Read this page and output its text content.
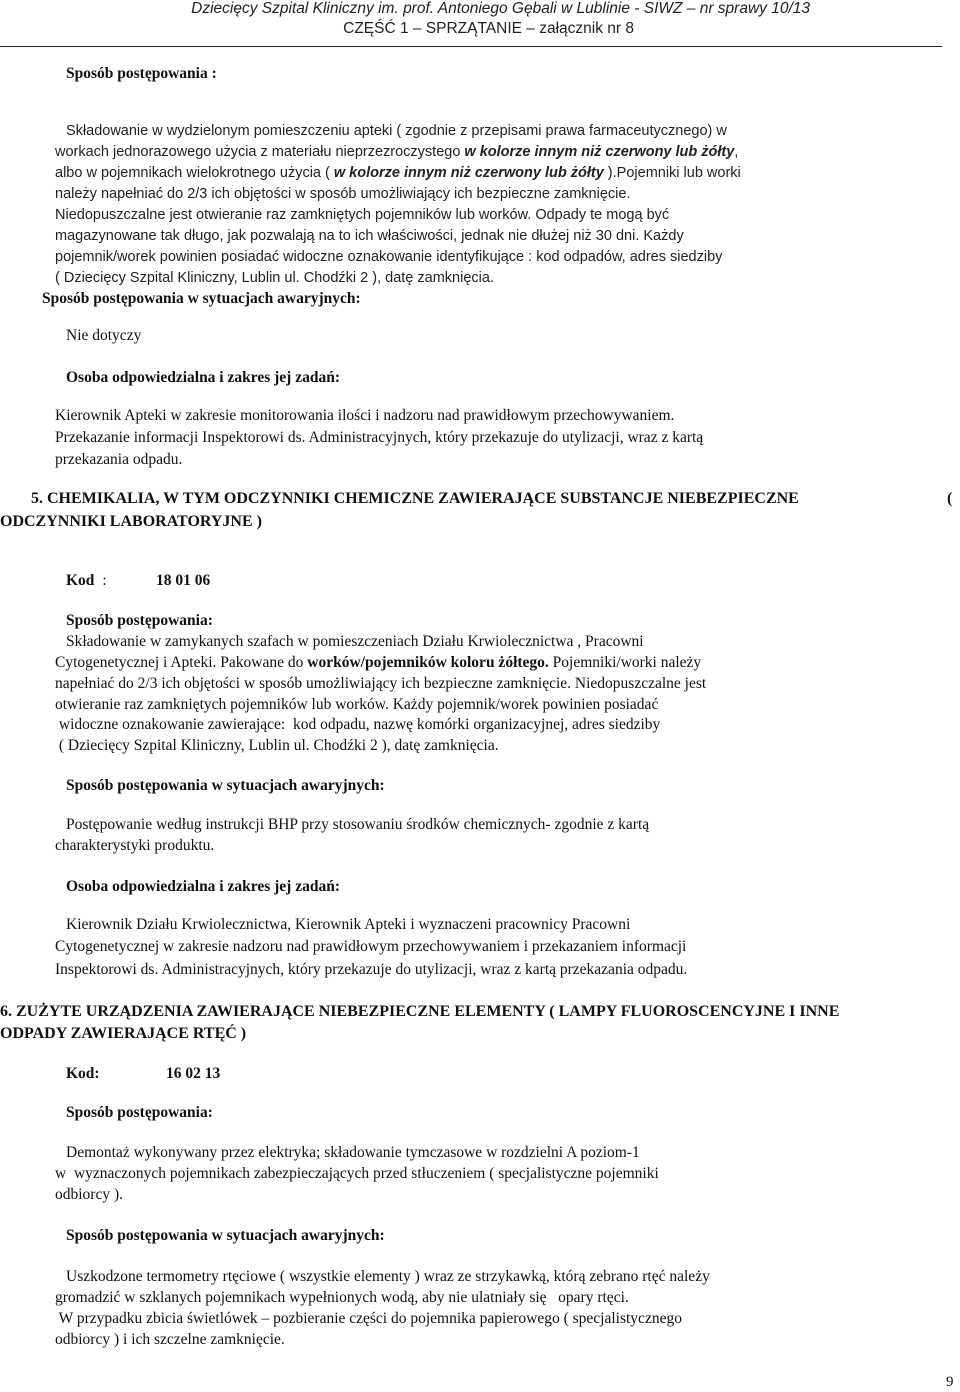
Dziecięcy Szpital Kliniczny im. prof. Antoniego Gębali w Lublinie - SIWZ – nr sprawy 10/13
CZĘŚĆ 1 – SPRZĄTANIE – załącznik nr 8
Sposób postępowania :
Składowanie w wydzielonym pomieszczeniu apteki ( zgodnie z przepisami prawa farmaceutycznego) w
workach jednorazowego użycia z materiału nieprzezroczystego w kolorze innym niż czerwony lub żółty,
albo w pojemnikach wielokrotnego użycia ( w kolorze innym niż czerwony lub żółty ).Pojemniki lub worki
należy napełniać do 2/3 ich objętości w sposób umożliwiający ich bezpieczne zamknięcie.
Niedopuszczalne jest otwieranie raz zamkniętych pojemników lub worków. Odpady te mogą być
magazynowane tak długo, jak pozwalają na to ich właściwości, jednak nie dłużej niż 30 dni. Każdy
pojemnik/worek powinien posiadać widoczne oznakowanie identyfikujące : kod odpadów, adres siedziby
( Dziecięcy Szpital Kliniczny, Lublin ul. Chodźki 2 ), datę zamknięcia.
Sposób postępowania w sytuacjach awaryjnych:
Nie dotyczy
Osoba odpowiedzialna i zakres jej zadań:
Kierownik Apteki w zakresie monitorowania ilości i nadzoru nad prawidłowym przechowywaniem.
Przekazanie informacji Inspektorowi ds. Administracyjnych, który przekazuje do utylizacji, wraz z kartą
przekazania odpadu.
5. CHEMIKALIA, W TYM ODCZYNNIKI CHEMICZNE ZAWIERAJĄCE SUBSTANCJE NIEBEZPIECZNE	(
ODCZYNNIKI LABORATORYJNE )
Kod :	18 01 06
Sposób postępowania:
Składowanie w zamykanych szafach w pomieszczeniach Działu Krwiolecznictwa , Pracowni
Cytogenetycznej i Apteki. Pakowane do worków/pojemników koloru żółtego. Pojemniki/worki należy
napełniać do 2/3 ich objętości w sposób umożliwiający ich bezpieczne zamknięcie. Niedopuszczalne jest
otwieranie raz zamkniętych pojemników lub worków. Każdy pojemnik/worek powinien posiadać
widoczne oznakowanie zawierające:  kod odpadu, nazwę komórki organizacyjnej, adres siedziby
( Dziecięcy Szpital Kliniczny, Lublin ul. Chodźki 2 ), datę zamknięcia.
Sposób postępowania w sytuacjach awaryjnych:
Postępowanie według instrukcji BHP przy stosowaniu środków chemicznych- zgodnie z kartą
charakterystyki produktu.
Osoba odpowiedzialna i zakres jej zadań:
Kierownik Działu Krwiolecznictwa, Kierownik Apteki i wyznaczeni pracownicy Pracowni
Cytogenetycznej w zakresie nadzoru nad prawidłowym przechowywaniem i przekazaniem informacji
Inspektorowi ds. Administracyjnych, który przekazuje do utylizacji, wraz z kartą przekazania odpadu.
6. ZUŻYTE URZĄDZENIA ZAWIERAJĄCE NIEBEZPIECZNE ELEMENTY ( LAMPY FLUOROSCENCYJNE I INNE
ODPADY ZAWIERAJĄCE RTĘĆ )
Kod:	16 02 13
Sposób postępowania:
Demontaż wykonywany przez elektryka; składowanie tymczasowe w rozdzielni A poziom-1
w  wyznaczonych pojemnikach zabezpieczających przed stłuczeniem ( specjalistyczne pojemniki
odbiorcy ).
Sposób postępowania w sytuacjach awaryjnych:
Uszkodzone termometry rtęciowe ( wszystkie elementy ) wraz ze strzykawką, którą zebrano rtęć należy
gromadzić w szklanych pojemnikach wypełnionych wodą, aby nie ulatniały się   opary rtęci.
W przypadku zbicia świetlówek – pozbieranie części do pojemnika papierowego ( specjalistycznego
odbiorcy ) i ich szczelne zamknięcie.
9
